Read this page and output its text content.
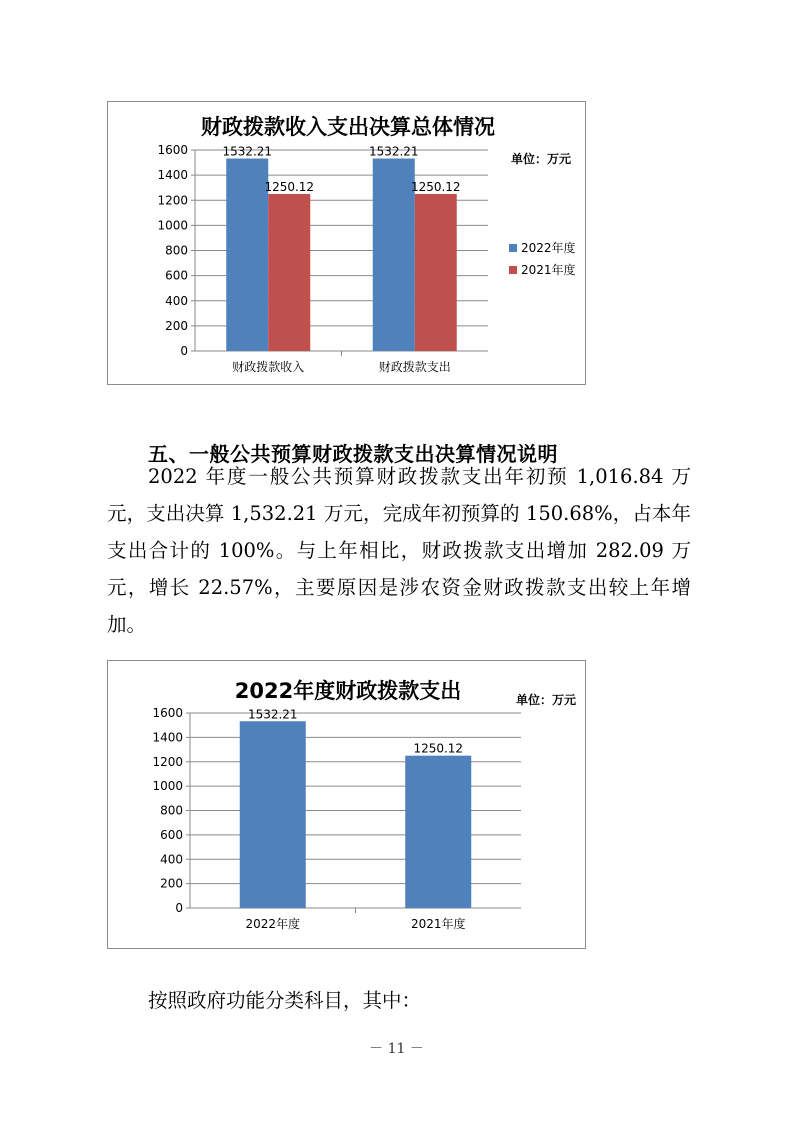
财政拨款收入支出决算总体情况
单位：万元
0
200
400
600
800
1000
1200
1400
1600	1532.21
1250.12
财政拨款收入
1532.21
1250.12
财政拨款支出
2022年度
2021年度
五、一般公共预算财政拨款支出决算情况说明

2022 年度一般公共预算财政拨款支出年初预 1,016.84 万元，支出决算 1,532.21 万元，完成年初预算的 150.68%，占本年支出合计的 100%。与上年相比，财政拨款支出增加 282.09 万元，增长 22.57%，主要原因是涉农资金财政拨款支出较上年增加。

2022年度财政拨款支出	单位：万元
0
200
400
600
800
1000
1200
1400
1600	1532.21
2022年度
1250.12
2021年度
按照政府功能分类科目，其中：
－ 11 －
